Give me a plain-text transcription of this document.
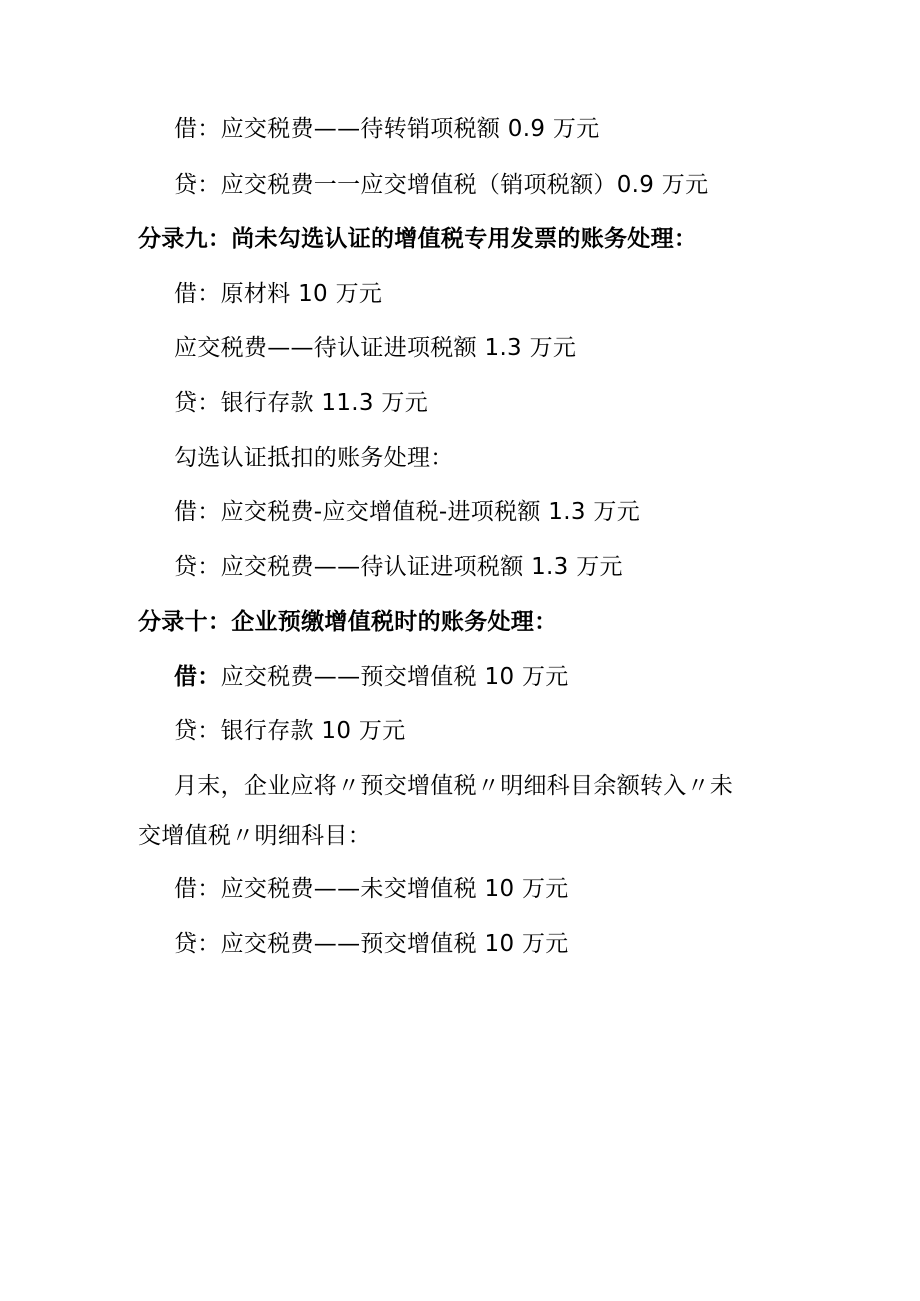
借：应交税费——待转销项税额 0.9 万元
贷：应交税费一一应交增值税（销项税额）0.9 万元
分录九：尚未勾选认证的增值税专用发票的账务处理：
借：原材料 10 万元
应交税费——待认证进项税额 1.3 万元
贷：银行存款 11.3 万元
勾选认证抵扣的账务处理：
借：应交税费-应交增值税-进项税额 1.3 万元
贷：应交税费——待认证进项税额 1.3 万元
分录十：企业预缴增值税时的账务处理：
借：应交税费——预交增值税 10 万元
贷：银行存款 10 万元
月末，企业应将〃预交增值税〃明细科目余额转入〃未
交增值税〃明细科目：
借：应交税费——未交增值税 10 万元
贷：应交税费——预交增值税 10 万元
